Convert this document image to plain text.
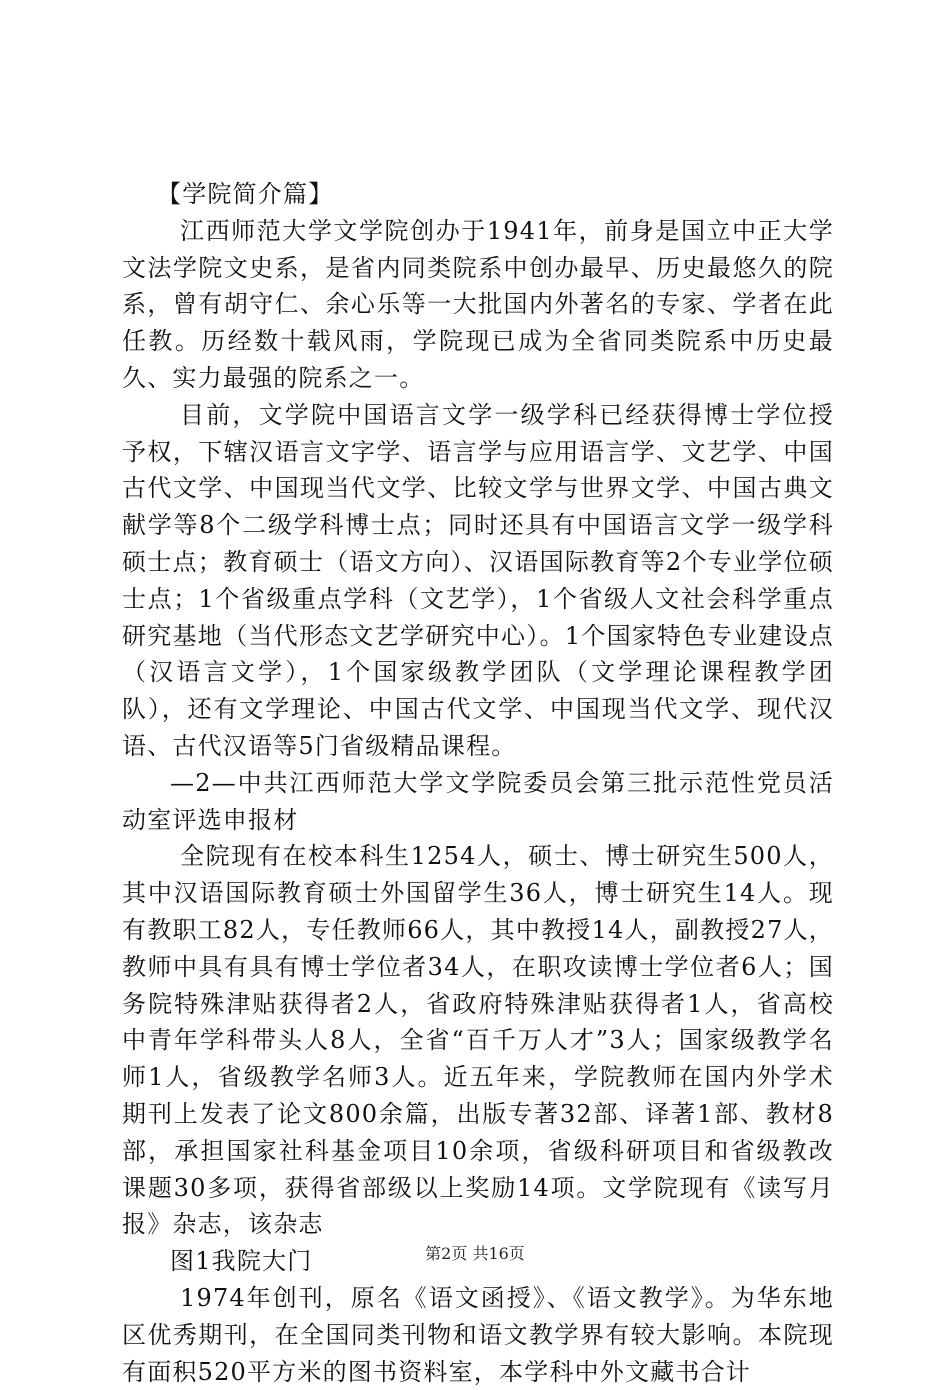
【学院简介篇】

江西师范大学文学院创办于1941年，前身是国立中正大学文法学院文史系，是省内同类院系中创办最早、历史最悠久的院系，曾有胡守仁、余心乐等一大批国内外著名的专家、学者在此任教。历经数十载风雨，学院现已成为全省同类院系中历史最久、实力最强的院系之一。

目前，文学院中国语言文学一级学科已经获得博士学位授予权，下辖汉语言文字学、语言学与应用语言学、文艺学、中国古代文学、中国现当代文学、比较文学与世界文学、中国古典文献学等8个二级学科博士点；同时还具有中国语言文学一级学科硕士点；教育硕士（语文方向）、汉语国际教育等2个专业学位硕士点；1个省级重点学科（文艺学），1个省级人文社会科学重点研究基地（当代形态文艺学研究中心）。1个国家特色专业建设点（汉语言文学），1个国家级教学团队（文学理论课程教学团队），还有文学理论、中国古代文学、中国现当代文学、现代汉语、古代汉语等5门省级精品课程。

—2—中共江西师范大学文学院委员会第三批示范性党员活动室评选申报材

全院现有在校本科生1254人，硕士、博士研究生500人，其中汉语国际教育硕士外国留学生36人，博士研究生14人。现有教职工82人，专任教师66人，其中教授14人，副教授27人，教师中具有具有博士学位者34人，在职攻读博士学位者6人；国务院特殊津贴获得者2人，省政府特殊津贴获得者1人，省高校中青年学科带头人8人，全省“百千万人才”3人；国家级教学名师1人，省级教学名师3人。近五年来，学院教师在国内外学术期刊上发表了论文800余篇，出版专著32部、译著1部、教材8部，承担国家社科基金项目10余项，省级科研项目和省级教改课题30多项，获得省部级以上奖励14项。文学院现有《读写月报》杂志，该杂志

图1我院大门

1974年创刊，原名《语文函授》、《语文教学》。为华东地区优秀期刊，在全国同类刊物和语文教学界有较大影响。本院现有面积520平方米的图书资料室，本学科中外文藏书合计

第2页 共16页
